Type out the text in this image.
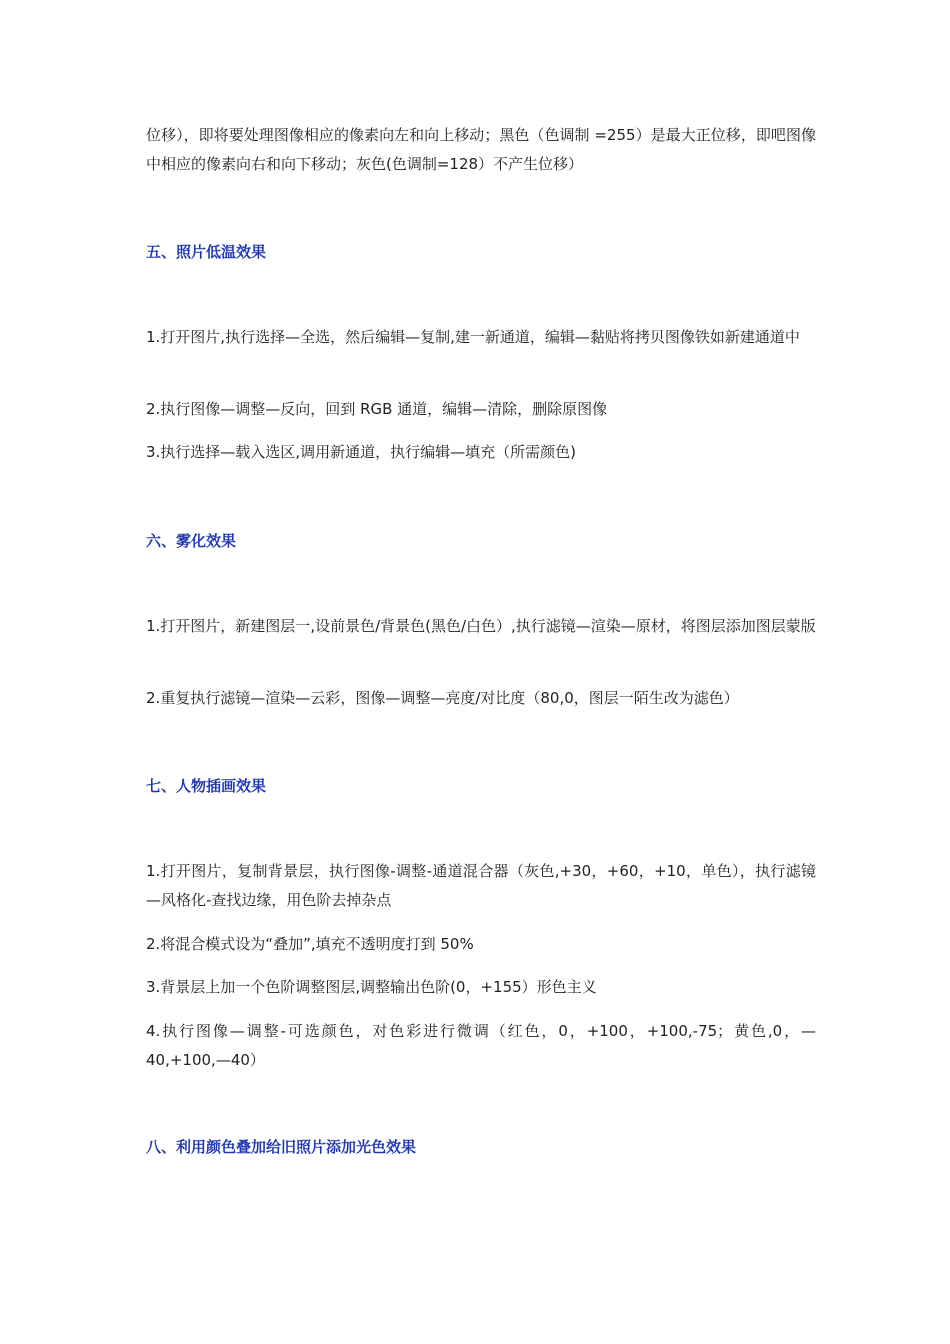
位移），即将要处理图像相应的像素向左和向上移动；黑色（色调制 =255）是最大正位移，即吧图像中相应的像素向右和向下移动；灰色(色调制=128）不产生位移）

五、照片低温效果

1.打开图片,执行选择—全选，然后编辑—复制,建一新通道，编辑—黏贴将拷贝图像铁如新建通道中

2.执行图像—调整—反向，回到 RGB 通道，编辑—清除，删除原图像

3.执行选择—载入选区,调用新通道，执行编辑—填充（所需颜色)

六、雾化效果

1.打开图片，新建图层一,设前景色/背景色(黑色/白色）,执行滤镜—渲染—原材，将图层添加图层蒙版

2.重复执行滤镜—渲染—云彩，图像—调整—亮度/对比度（80,0，图层一陌生改为滤色）

七、人物插画效果

1.打开图片，复制背景层，执行图像-调整-通道混合器（灰色,+30，+60，+10，单色），执行滤镜—风格化-查找边缘，用色阶去掉杂点

2.将混合模式设为“叠加”,填充不透明度打到 50%

3.背景层上加一个色阶调整图层,调整输出色阶(0，+155）形色主义

4.执行图像—调整-可选颜色，对色彩进行微调（红色，0，+100，+100,-75；黄色,0，—40,+100,—40）

八、利用颜色叠加给旧照片添加光色效果
